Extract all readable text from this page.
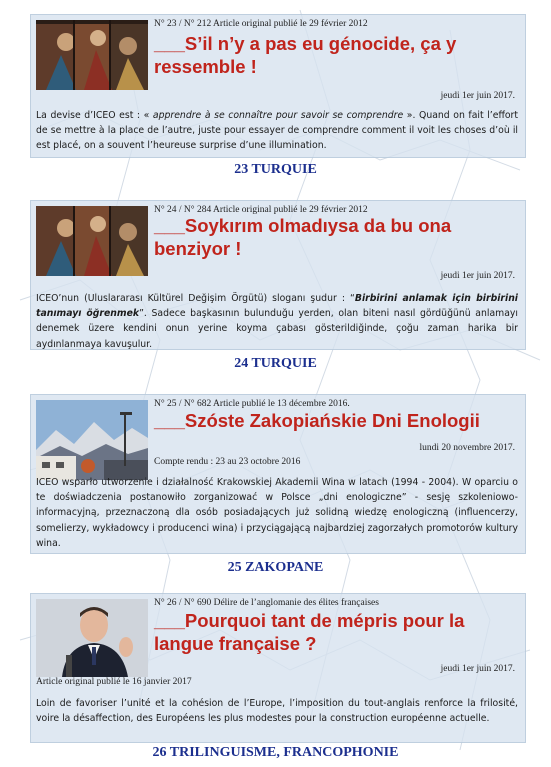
N° 23 / N° 212 Article original publié le 29 février 2012
___S’il n’y a pas eu génocide, ça y ressemble !
jeudi 1er juin 2017.
La devise d’ICEO est : « apprendre à se connaître pour savoir se comprendre ». Quand on fait l’effort de se mettre à la place de l’autre, juste pour essayer de comprendre comment il voit les choses d’où il est placé, on a souvent l’heureuse surprise d’une illumination.
23 TURQUIE
N° 24 / N° 284 Article original publié le 29 février 2012
___Soykırım olmadıysa da bu ona benziyor !
jeudi 1er juin 2017.
ICEO’nun (Uluslararası Kültürel Değişim Örgütü) sloganı şudur : “Birbirini anlamak için birbirini tanımayı öğrenmek”. Sadece başkasının bulunduğu yerden, olan biteni nasıl gördüğünü anlamayı denemek üzere kendini onun yerine koyma çabası gösterildiğinde, çoğu zaman harika bir aydınlanmaya kavuşulur.
24 TURQUIE
N° 25 / N° 682 Article publié le 13 décembre 2016.
___Szóste Zakopiańskie Dni Enologii
lundi 20 novembre 2017.
Compte rendu : 23 au 23 octobre 2016
ICEO wsparło utworzenie i działalność Krakowskiej Akademii Wina w latach (1994 - 2004). W oparciu o te doświadczenia postanowiło zorganizować w Polsce „dni enologiczne” - sesję szkoleniowo-informacyjną, przeznaczoną dla osób posiadających już solidną wiedzę enologiczną (influencerzy, somelierzy, wykładowcy i producenci wina) i przyciągającą najbardziej zagorzałych promotorów kultury wina.
25 ZAKOPANE
N° 26 / N° 690 Délire de l’anglomanie des élites françaises
___Pourquoi tant de mépris pour la langue française ?
jeudi 1er juin 2017.
Article original publié le 16 janvier 2017
Loin de favoriser l’unité et la cohésion de l’Europe, l’imposition du tout-anglais renforce la frilosité, voire la désaffection, des Européens les plus modestes pour la construction européenne actuelle.
26 TRILINGUISME, FRANCOPHONIE
